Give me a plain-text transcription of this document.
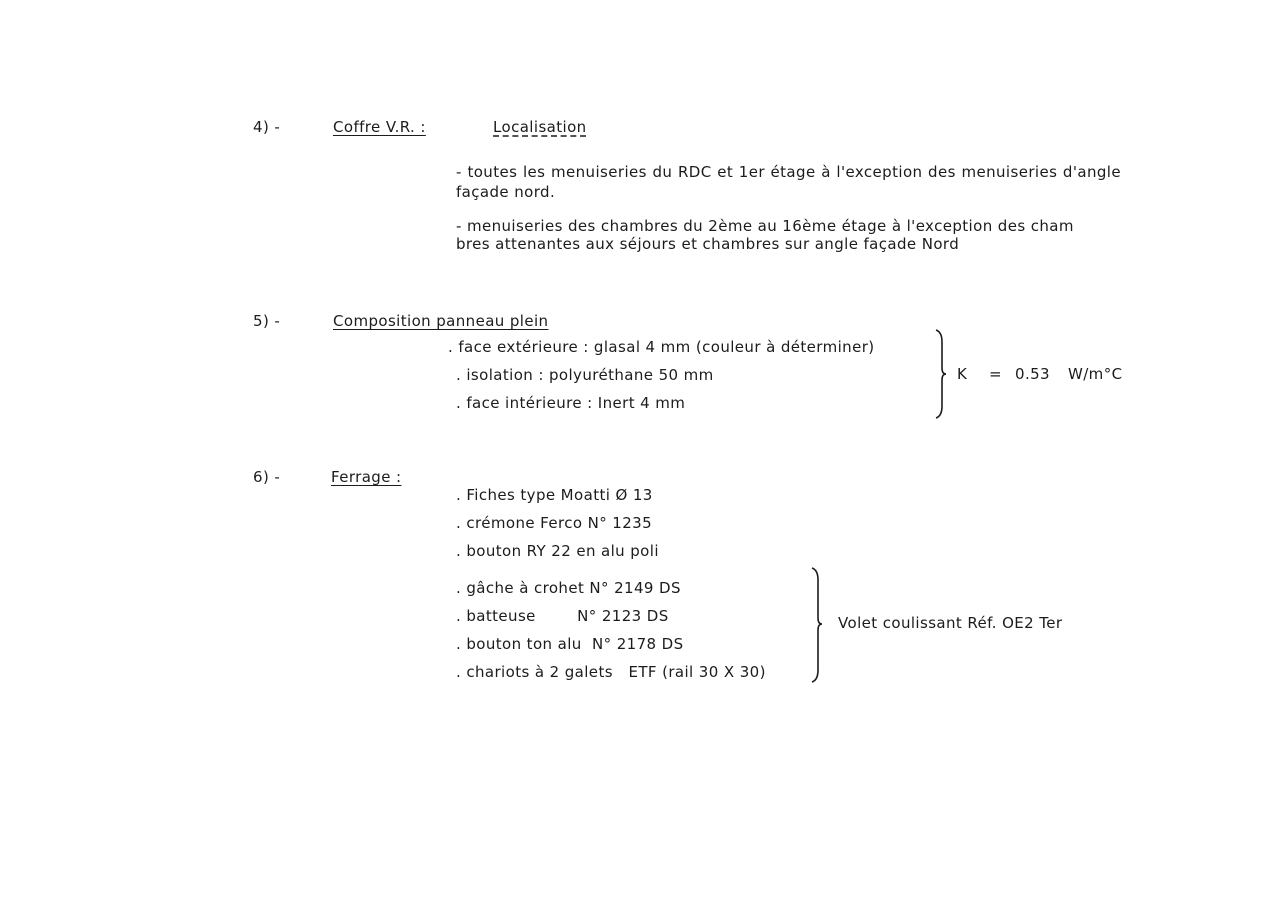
4) -	Coffre V.R. :	Localisation
- toutes les menuiseries du RDC et 1er étage à l'exception des menuiseries d'angle façade nord.
- menuiseries des chambres du 2ème au 16ème étage à l'exception des cham
bres attenantes aux séjours et chambres sur angle façade Nord
5) -	Composition panneau plein
. face extérieure : glasal 4 mm (couleur à déterminer)
. isolation : polyuréthane 50 mm
. face intérieure : Inert 4 mm
K = 0.53 W/m°C
6) -	Ferrage :
. Fiches type Moatti Ø 13
. crémone Ferco N° 1235
. bouton RY 22 en alu poli
. gâche à crohet N° 2149 DS
. batteuse        N° 2123 DS
. bouton ton alu  N° 2178 DS
. chariots à 2 galets   ETF (rail 30 X 30)
Volet coulissant Réf. OE2 Ter
